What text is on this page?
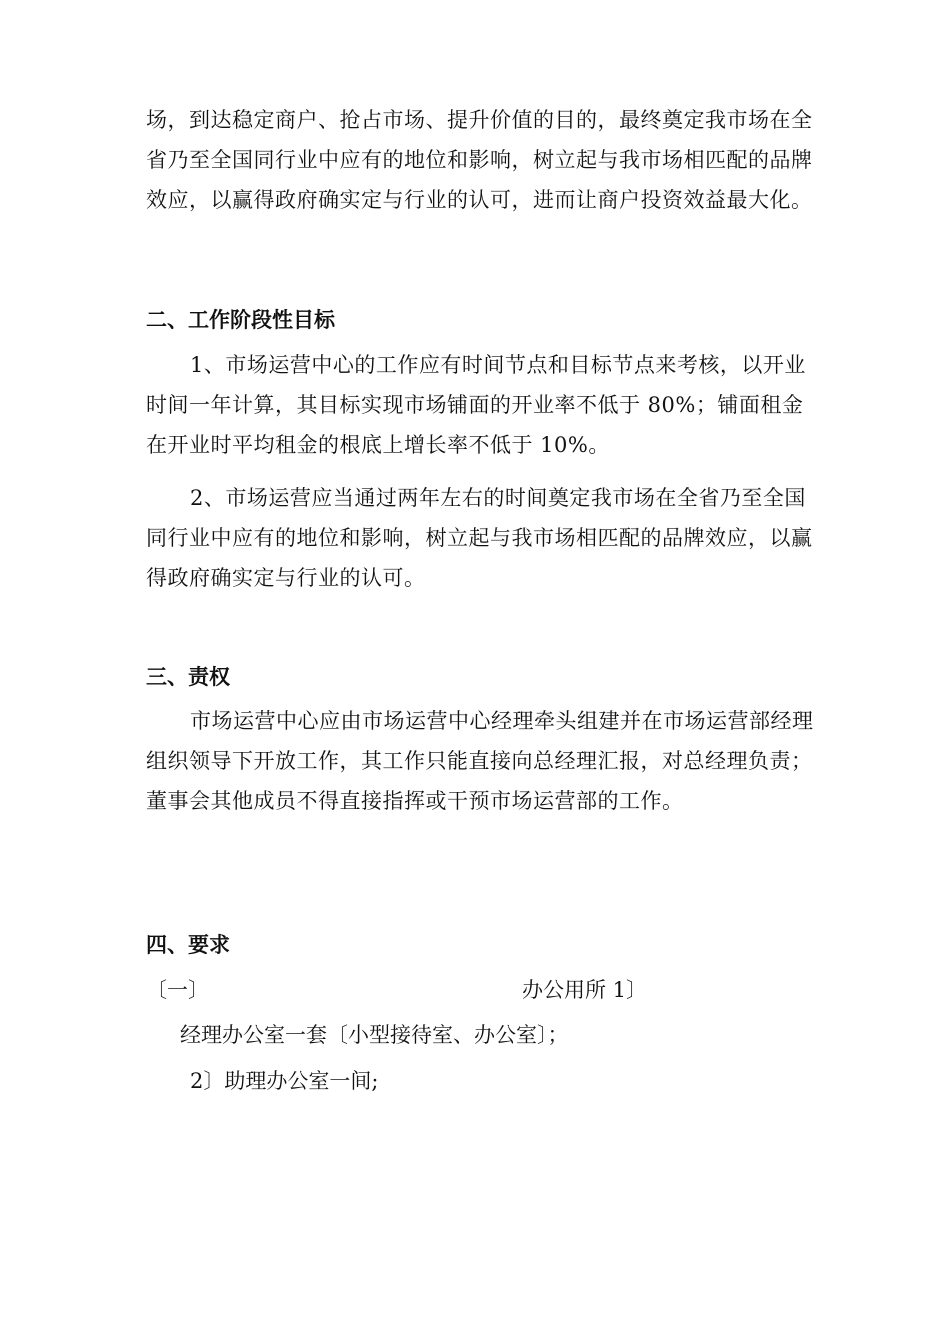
场，到达稳定商户、抢占市场、提升价值的目的，最终奠定我市场在全省乃至全国同行业中应有的地位和影响，树立起与我市场相匹配的品牌效应，以赢得政府确实定与行业的认可，进而让商户投资效益最大化。

二、工作阶段性目标

1、市场运营中心的工作应有时间节点和目标节点来考核，以开业时间一年计算，其目标实现市场铺面的开业率不低于 80%；铺面租金在开业时平均租金的根底上增长率不低于 10%。

2、市场运营应当通过两年左右的时间奠定我市场在全省乃至全国同行业中应有的地位和影响，树立起与我市场相匹配的品牌效应，以赢得政府确实定与行业的认可。

三、责权

市场运营中心应由市场运营中心经理牵头组建并在市场运营部经理组织领导下开放工作，其工作只能直接向总经理汇报，对总经理负责；董事会其他成员不得直接指挥或干预市场运营部的工作。

四、要求

〔一〕	办公用所 1〕

经理办公室一套〔小型接待室、办公室〕；

2〕助理办公室一间;
